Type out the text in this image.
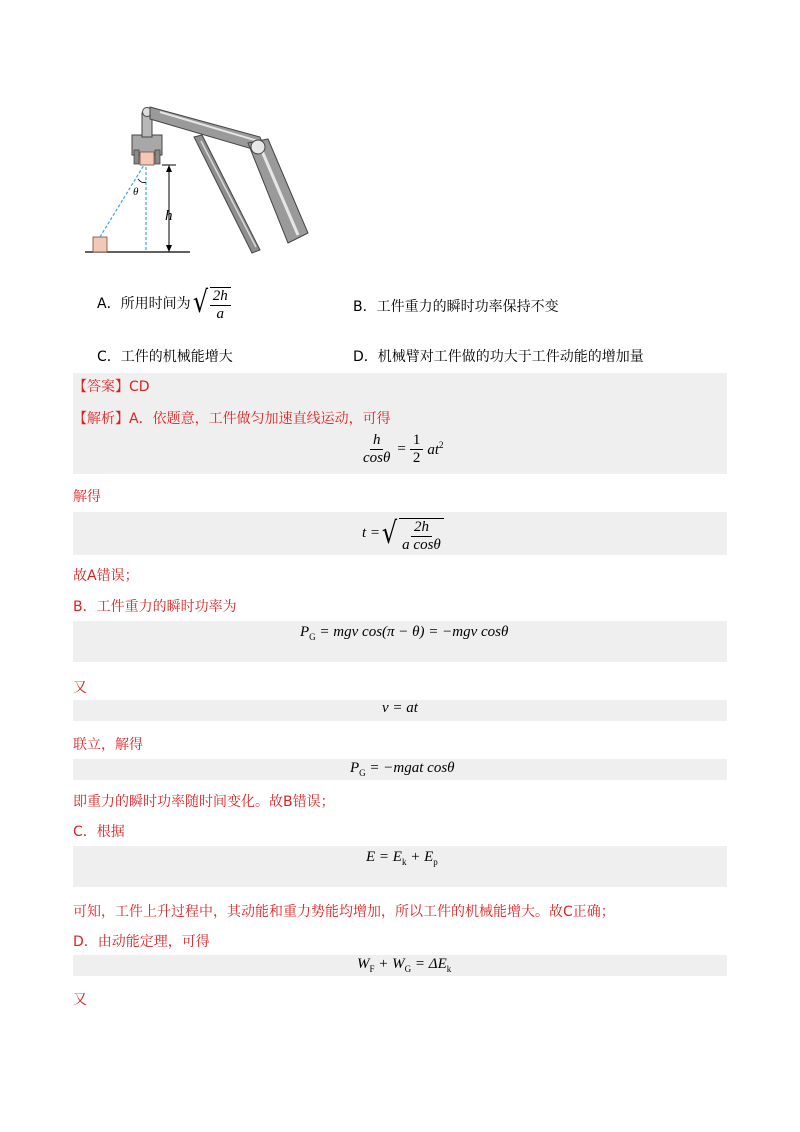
θ
h
A．所用时间为 √ $\frac{2h}{a}$	B．工件重力的瞬时功率保持不变
C．工件的机械能增大	D．机械臂对工件做的功大于工件动能的增加量
【答案】CD
【解析】A．依题意，工件做匀加速直线运动，可得
$\frac{h}{\cos\theta} = \frac{1}{2} at^2$
解得
t = √ $\frac{2h}{\text{a cosθ}}$
故A错误；
B．工件重力的瞬时功率为
$P_G$ = mgv cos(π − θ) = −mgv cosθ
又
v = at
联立，解得
$P_G$ = −mgat cosθ
即重力的瞬时功率随时间变化。故B错误；
C．根据
$E = E_k + E_p$
可知，工件上升过程中，其动能和重力势能均增加，所以工件的机械能增大。故C正确；
D．由动能定理，可得
$W_F + W_G = \Delta E_k$
又
